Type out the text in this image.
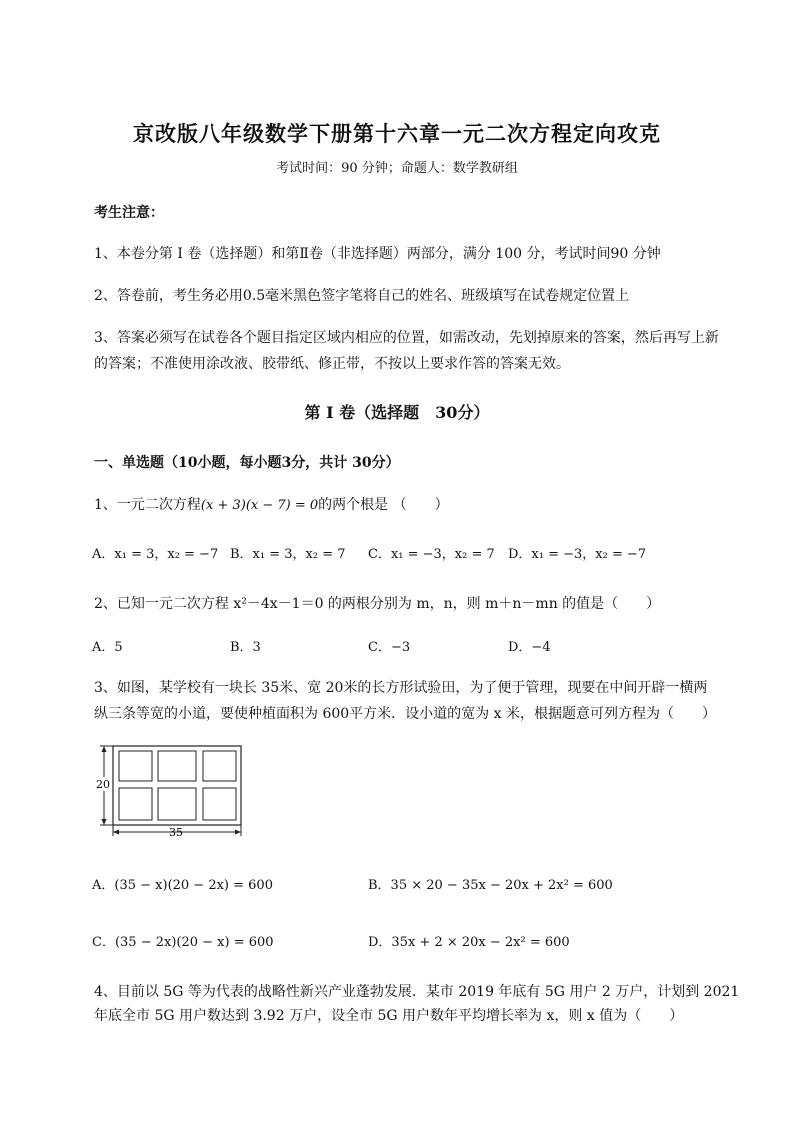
京改版八年级数学下册第十六章一元二次方程定向攻克
考试时间：90 分钟；命题人：数学教研组
考生注意：
1、本卷分第 I 卷（选择题）和第Ⅱ卷（非选择题）两部分，满分 100 分，考试时间90 分钟
2、答卷前，考生务必用0.5毫米黑色签字笔将自己的姓名、班级填写在试卷规定位置上
3、答案必须写在试卷各个题目指定区域内相应的位置，如需改动，先划掉原来的答案，然后再写上新
的答案；不准使用涂改液、胶带纸、修正带，不按以上要求作答的答案无效。
第 I 卷（选择题　30分）
一、单选题（10小题，每小题3分，共计 30分）
1、一元二次方程(x + 3)(x − 7) = 0的两个根是 （　　）
A．x₁ = 3，x₂ = −7 B．x₁ = 3，x₂ = 7 C．x₁ = −3，x₂ = 7 D．x₁ = −3，x₂ = −7
2、已知一元二次方程 x²－4x－1＝0 的两根分别为 m，n，则 m＋n－mn 的值是（　　）
A．5	B．3	C．−3	D．−4
3、如图，某学校有一块长 35米、宽 20米的长方形试验田，为了便于管理，现要在中间开辟一横两
纵三条等宽的小道，要使种植面积为 600平方米．设小道的宽为 x 米，根据题意可列方程为（　　）
20
35
A．(35 − x)(20 − 2x) = 600	B．35 × 20 − 35x − 20x + 2x² = 600
C．(35 − 2x)(20 − x) = 600	D．35x + 2 × 20x − 2x² = 600
4、目前以 5G 等为代表的战略性新兴产业蓬勃发展．某市 2019 年底有 5G 用户 2 万户，计划到 2021
年底全市 5G 用户数达到 3.92 万户，设全市 5G 用户数年平均增长率为 x，则 x 值为（　　）
